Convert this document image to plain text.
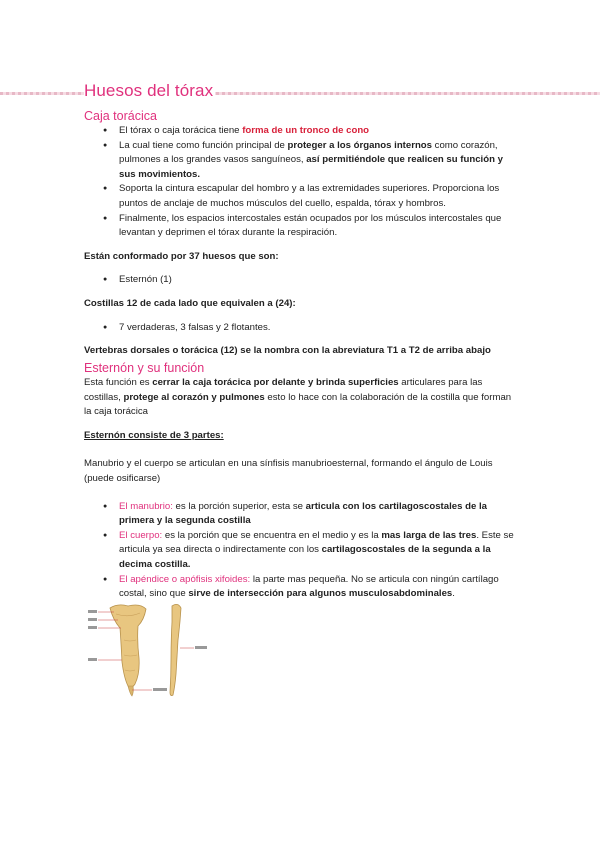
Huesos del tórax
Caja torácica
● El tórax o caja torácica tiene forma de un tronco de cono
● La cual tiene como función principal de proteger a los órganos internos como corazón, pulmones a los grandes vasos sanguíneos, así permitiéndole que realicen su función y sus movimientos.
● Soporta la cintura escapular del hombro y a las extremidades superiores. Proporciona los puntos de anclaje de muchos músculos del cuello, espalda, tórax y hombros.
● Finalmente, los espacios intercostales están ocupados por los músculos intercostales que levantan y deprimen el tórax durante la respiración.

Están conformado por 37 huesos que son:

● Esternón (1)

Costillas 12 de cada lado que equivalen a (24):

● 7 verdaderas, 3 falsas y 2 flotantes.

Vertebras dorsales o torácica (12) se la nombra con la abreviatura T1 a T2 de arriba abajo

Esternón y su función

Esta función es cerrar la caja torácica por delante y brinda superficies articulares para las costillas, protege al corazón y pulmones esto lo hace con la colaboración de la costilla que forman la caja torácica

Esternón consiste de 3 partes:

Manubrio y el cuerpo se articulan en una sínfisis manubrioesternal, formando el ángulo de Louis (puede osificarse)

● El manubrio: es la porción superior, esta se articula con los cartilagoscostales de la primera y la segunda costilla
● El cuerpo: es la porción que se encuentra en el medio y es la mas larga de las tres. Este se articula ya sea directa o indirectamente con los cartilagoscostales de la segunda a la decima costilla.
● El apéndice o apófisis xifoides: la parte mas pequeña. No se articula con ningún cartílago costal, sino que sirve de intersección para algunos musculosabdominales.
